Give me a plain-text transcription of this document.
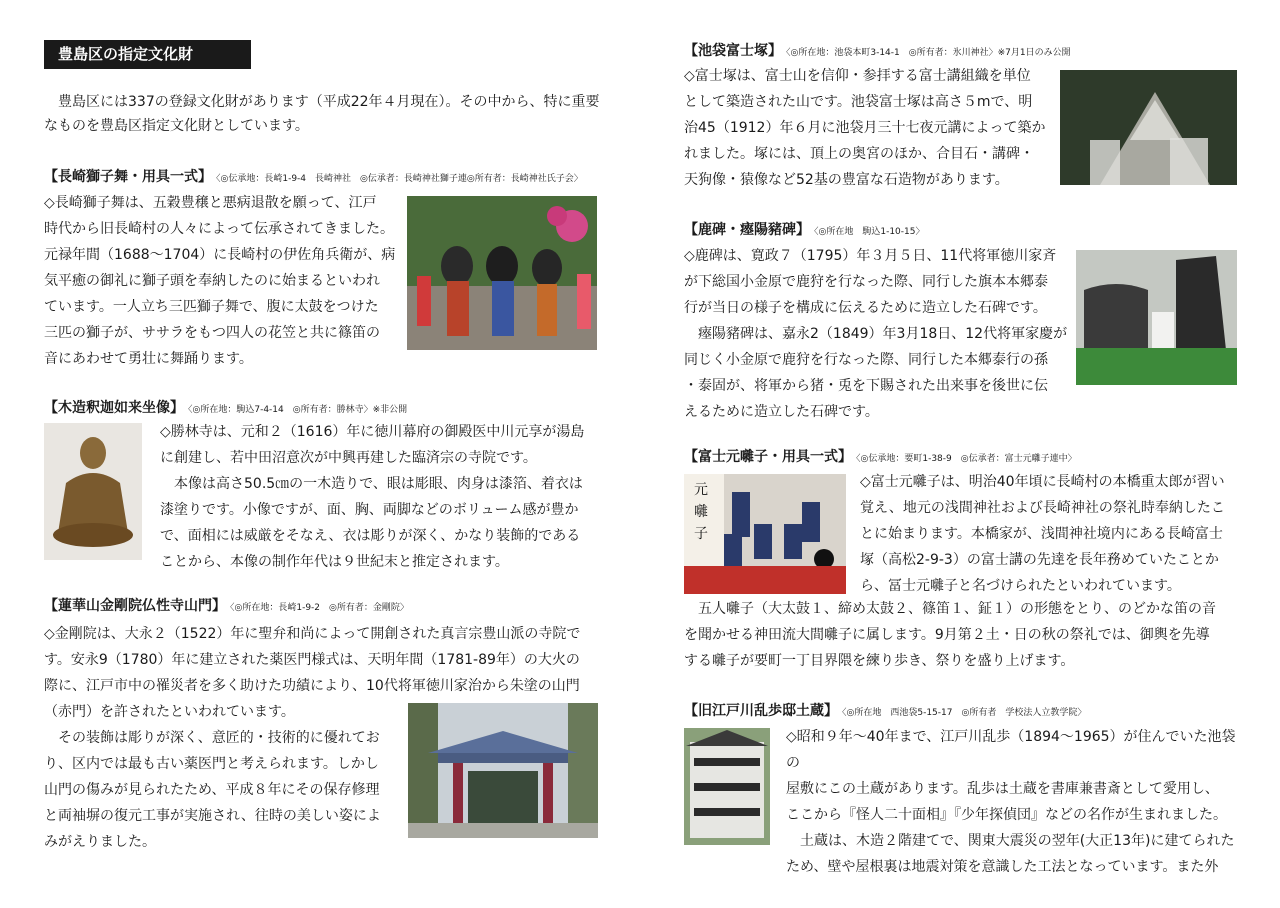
豊島区の指定文化財
豊島区には337の登録文化財があります（平成22年４月現在）。その中から、特に重要なものを豊島区指定文化財としています。
【長崎獅子舞・用具一式】 〈◎伝承地：長崎1-9-4　長崎神社　◎伝承者：長崎神社獅子連◎所有者：長崎神社氏子会〉

◇長崎獅子舞は、五穀豊穣と悪病退散を願って、江戸

時代から旧長崎村の人々によって伝承されてきました。

元禄年間（1688～1704）に長崎村の伊佐角兵衛が、病

気平癒の御礼に獅子頭を奉納したのに始まるといわれ

ています。一人立ち三匹獅子舞で、腹に太鼓をつけた

三匹の獅子が、ササラをもつ四人の花笠と共に篠笛の

音にあわせて勇壮に舞踊ります。

【木造釈迦如来坐像】 〈◎所在地：駒込7-4-14　◎所有者：勝林寺〉※非公開

◇勝林寺は、元和２（1616）年に徳川幕府の御殿医中川元享が湯島

に創建し、若中田沼意次が中興再建した臨済宗の寺院です。

　本像は高さ50.5㎝の一木造りで、眼は彫眼、肉身は漆箔、着衣は

漆塗りです。小像ですが、面、胸、両脚などのボリューム感が豊か

で、面相には威厳をそなえ、衣は彫りが深く、かなり装飾的である

ことから、本像の制作年代は９世紀末と推定されます。

【蓮華山金剛院仏性寺山門】 〈◎所在地：長崎1-9-2　◎所有者：金剛院〉

◇金剛院は、大永２（1522）年に聖弁和尚によって開創された真言宗豊山派の寺院で

す。安永9（1780）年に建立された薬医門様式は、天明年間（1781-89年）の大火の

際に、江戸市中の罹災者を多く助けた功績により、10代将軍徳川家治から朱塗の山門

（赤門）を許されたといわれています。

　その装飾は彫りが深く、意匠的・技術的に優れてお

り、区内では最も古い薬医門と考えられます。しかし

山門の傷みが見られたため、平成８年にその保存修理

と両袖塀の復元工事が実施され、往時の美しい姿によ

みがえりました。

【池袋富士塚】 〈◎所在地：池袋本町3-14-1　◎所有者：氷川神社〉※7月1日のみ公開

◇富士塚は、富士山を信仰・参拝する富士講組織を単位

として築造された山です。池袋富士塚は高さ５mで、明

治45（1912）年６月に池袋月三十七夜元講によって築か

れました。塚には、頂上の奥宮のほか、合目石・講碑・

天狗像・猿像など52基の豊富な石造物があります。

【鹿碑・瘞陽豬碑】 〈◎所在地　駒込1-10-15〉

◇鹿碑は、寛政７（1795）年３月５日、11代将軍徳川家斉

が下総国小金原で鹿狩を行なった際、同行した旗本本郷泰

行が当日の様子を構成に伝えるために造立した石碑です。

　瘞陽豬碑は、嘉永2（1849）年3月18日、12代将軍家慶が

同じく小金原で鹿狩を行なった際、同行した本郷泰行の孫

・泰固が、将軍から猪・兎を下賜された出来事を後世に伝

えるために造立した石碑です。

【富士元囃子・用具一式】 〈◎伝承地：要町1-38-9　◎伝承者：富士元囃子連中〉
元
囃
子

◇富士元囃子は、明治40年頃に長崎村の本橋重太郎が習い

覚え、地元の浅間神社および長崎神社の祭礼時奉納したこ

とに始まります。本橋家が、浅間神社境内にある長崎富士

塚（高松2-9-3）の富士講の先達を長年務めていたことか

ら、冨士元囃子と名づけられたといわれています。

　五人囃子（大太鼓１、締め太鼓２、篠笛１、鉦１）の形態をとり、のどかな笛の音

を聞かせる神田流大間囃子に属します。9月第２土・日の秋の祭礼では、御輿を先導

する囃子が要町一丁目界隈を練り歩き、祭りを盛り上げます。

【旧江戸川乱歩邸土蔵】 〈◎所在地　西池袋5-15-17　◎所有者　学校法人立教学院〉

◇昭和９年～40年まで、江戸川乱歩（1894～1965）が住んでいた池袋の

屋敷にこの土蔵があります。乱歩は土蔵を書庫兼書斎として愛用し、

ここから『怪人二十面相』『少年探偵団』などの名作が生まれました。

　土蔵は、木造２階建てで、関東大震災の翌年(大正13年)に建てられた

ため、壁や屋根裏は地震対策を意識した工法となっています。また外
